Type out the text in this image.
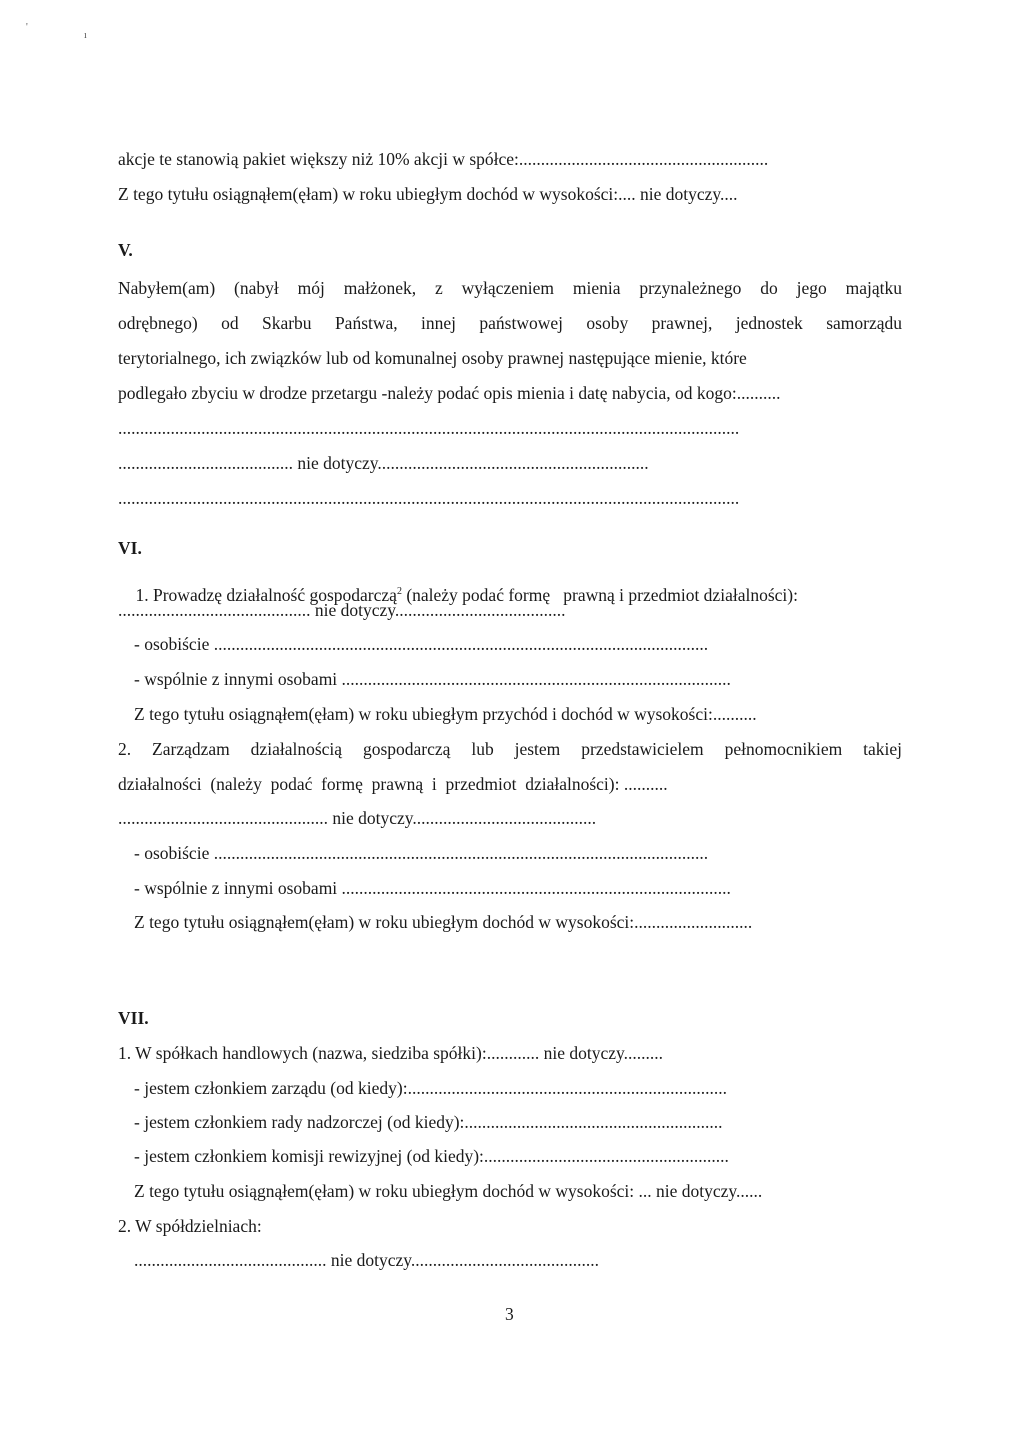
'
ı
akcje te stanowią pakiet większy niż 10% akcji w spółce:.........................................................
Z tego tytułu osiągnąłem(ęłam) w roku ubiegłym dochód w wysokości:.... nie dotyczy....
V.
Nabyłem(am) (nabył mój małżonek, z wyłączeniem mienia przynależnego do jego majątku
odrębnego) od Skarbu Państwa, innej państwowej osoby prawnej, jednostek samorządu
terytorialnego, ich związków lub od komunalnej osoby prawnej następujące mienie, które
podlegało zbyciu w drodze przetargu -należy podać opis mienia i datę nabycia, od kogo:..........
..............................................................................................................................................
........................................ nie dotyczy..............................................................
..............................................................................................................................................
VI.

1. Prowadzę działalność gospodarczą$^2$ (należy podać formę   prawną i przedmiot działalności):

............................................ nie dotyczy.......................................
- osobiście .................................................................................................................
- wspólnie z innymi osobami .........................................................................................
Z tego tytułu osiągnąłem(ęłam) w roku ubiegłym przychód i dochód w wysokości:..........
2. Zarządzam działalnością gospodarczą lub jestem przedstawicielem pełnomocnikiem takiej
działalności  (należy  podać  formę  prawną  i  przedmiot  działalności): ..........
................................................ nie dotyczy..........................................
- osobiście .................................................................................................................
- wspólnie z innymi osobami .........................................................................................
Z tego tytułu osiągnąłem(ęłam) w roku ubiegłym dochód w wysokości:...........................
VII.
1. W spółkach handlowych (nazwa, siedziba spółki):............ nie dotyczy.........
- jestem członkiem zarządu (od kiedy):.........................................................................
- jestem członkiem rady nadzorczej (od kiedy):...........................................................
- jestem członkiem komisji rewizyjnej (od kiedy):........................................................
Z tego tytułu osiągnąłem(ęłam) w roku ubiegłym dochód w wysokości: ... nie dotyczy......
2. W spółdzielniach:
............................................ nie dotyczy...........................................
3
